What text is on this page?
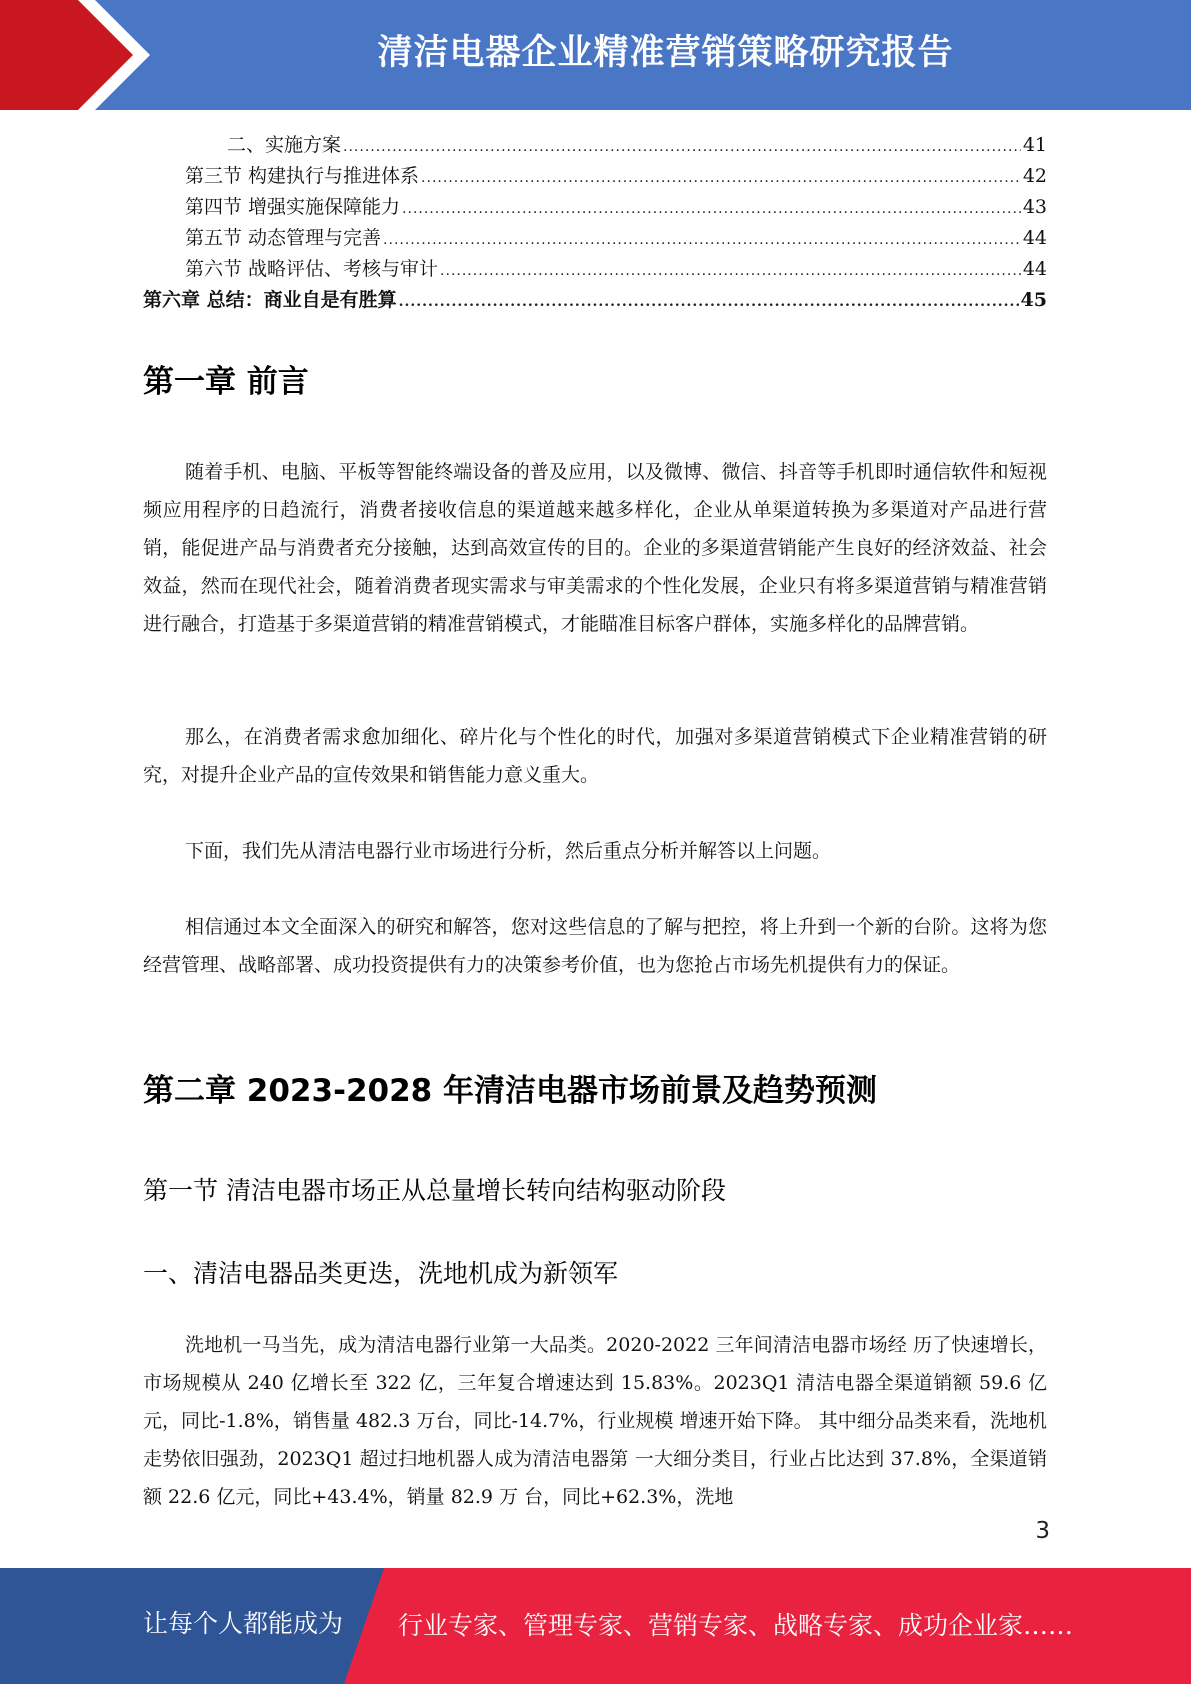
清洁电器企业精准营销策略研究报告
二、实施方案 .....	41
第三节 构建执行与推进体系 .....	42
第四节 增强实施保障能力 .....	43
第五节 动态管理与完善 .....	44
第六节 战略评估、考核与审计 .....	44
第六章 总结：商业自是有胜算 .....	45
第一章 前言

随着手机、电脑、平板等智能终端设备的普及应用，以及微博、微信、抖音等手机即时通信软件和短视频应用程序的日趋流行，消费者接收信息的渠道越来越多样化，企业从单渠道转换为多渠道对产品进行营销，能促进产品与消费者充分接触，达到高效宣传的目的。企业的多渠道营销能产生良好的经济效益、社会效益，然而在现代社会，随着消费者现实需求与审美需求的个性化发展，企业只有将多渠道营销与精准营销进行融合，打造基于多渠道营销的精准营销模式，才能瞄准目标客户群体，实施多样化的品牌营销。

那么，在消费者需求愈加细化、碎片化与个性化的时代，加强对多渠道营销模式下企业精准营销的研究，对提升企业产品的宣传效果和销售能力意义重大。

下面，我们先从清洁电器行业市场进行分析，然后重点分析并解答以上问题。

相信通过本文全面深入的研究和解答，您对这些信息的了解与把控，将上升到一个新的台阶。这将为您经营管理、战略部署、成功投资提供有力的决策参考价值，也为您抢占市场先机提供有力的保证。

第二章 2023-2028 年清洁电器市场前景及趋势预测
第一节 清洁电器市场正从总量增长转向结构驱动阶段
一、清洁电器品类更迭，洗地机成为新领军

洗地机一马当先，成为清洁电器行业第一大品类。2020-2022 三年间清洁电器市场经 历了快速增长，市场规模从 240 亿增长至 322 亿，三年复合增速达到 15.83%。2023Q1 清洁电器全渠道销额 59.6 亿元，同比-1.8%，销售量 482.3 万台，同比-14.7%，行业规模 增速开始下降。 其中细分品类来看，洗地机走势依旧强劲，2023Q1 超过扫地机器人成为清洁电器第 一大细分类目，行业占比达到 37.8%，全渠道销额 22.6 亿元，同比+43.4%，销量 82.9 万 台，同比+62.3%，洗地

3
让每个人都能成为 行业专家、管理专家、营销专家、战略专家、成功企业家……
